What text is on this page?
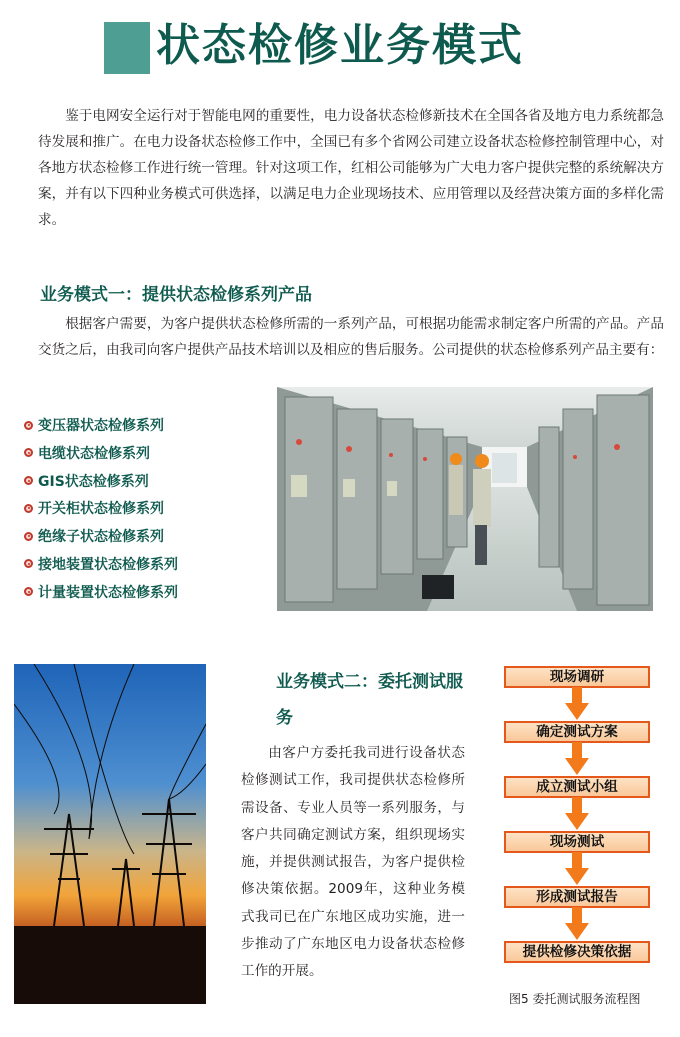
状态检修业务模式

鉴于电网安全运行对于智能电网的重要性，电力设备状态检修新技术在全国各省及地方电力系统都急待发展和推广。在电力设备状态检修工作中，全国已有多个省网公司建立设备状态检修控制管理中心，对各地方状态检修工作进行统一管理。针对这项工作，红相公司能够为广大电力客户提供完整的系统解决方案，并有以下四种业务模式可供选择，以满足电力企业现场技术、应用管理以及经营决策方面的多样化需求。

业务模式一：提供状态检修系列产品

根据客户需要，为客户提供状态检修所需的一系列产品，可根据功能需求制定客户所需的产品。产品交货之后，由我司向客户提供产品技术培训以及相应的售后服务。公司提供的状态检修系列产品主要有：

变压器状态检修系列
电缆状态检修系列
GIS状态检修系列
开关柜状态检修系列
绝缘子状态检修系列
接地装置状态检修系列
计量装置状态检修系列
业务模式二：委托测试服务

由客户方委托我司进行设备状态检修测试工作，我司提供状态检修所需设备、专业人员等一系列服务，与客户共同确定测试方案，组织现场实施，并提供测试报告，为客户提供检修决策依据。2009年，这种业务模式我司已在广东地区成功实施，进一步推动了广东地区电力设备状态检修工作的开展。

现场调研
确定测试方案
成立测试小组
现场测试
形成测试报告
提供检修决策依据
图5 委托测试服务流程图
